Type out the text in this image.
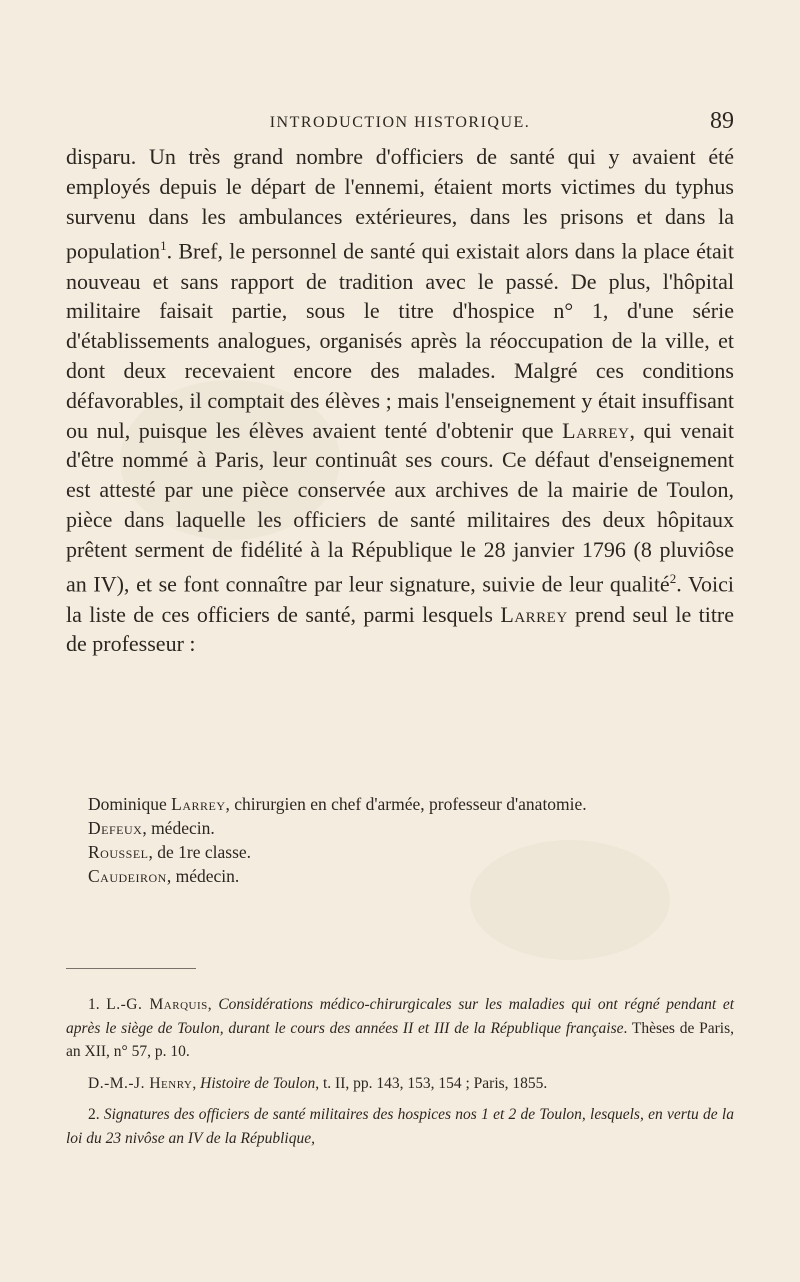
INTRODUCTION HISTORIQUE.	89

disparu. Un très grand nombre d'officiers de santé qui y avaient été employés depuis le départ de l'ennemi, étaient morts victimes du typhus survenu dans les ambulances extérieures, dans les prisons et dans la population$^1$. Bref, le personnel de santé qui existait alors dans la place était nouveau et sans rapport de tradition avec le passé. De plus, l'hôpital militaire faisait partie, sous le titre d'hospice n° 1, d'une série d'établissements analogues, organisés après la réoccupation de la ville, et dont deux recevaient encore des malades. Malgré ces conditions défavorables, il comptait des élèves ; mais l'enseignement y était insuffisant ou nul, puisque les élèves avaient tenté d'obtenir que Larrey, qui venait d'être nommé à Paris, leur continuât ses cours. Ce défaut d'enseignement est attesté par une pièce conservée aux archives de la mairie de Toulon, pièce dans laquelle les officiers de santé militaires des deux hôpitaux prêtent serment de fidélité à la République le 28 janvier 1796 (8 pluviôse an IV), et se font connaître par leur signature, suivie de leur qualité$^2$. Voici la liste de ces officiers de santé, parmi lesquels Larrey prend seul le titre de professeur :

Dominique Larrey, chirurgien en chef d'armée, professeur d'anatomie.

Defeux, médecin.

Roussel, de 1re classe.

Caudeiron, médecin.

1. L.-G. Marquis, Considérations médico-chirurgicales sur les maladies qui ont régné pendant et après le siège de Toulon, durant le cours des années II et III de la République française. Thèses de Paris, an XII, n° 57, p. 10.

D.-M.-J. Henry, Histoire de Toulon, t. II, pp. 143, 153, 154 ; Paris, 1855.

2. Signatures des officiers de santé militaires des hospices nos 1 et 2 de Toulon, lesquels, en vertu de la loi du 23 nivôse an IV de la République,
